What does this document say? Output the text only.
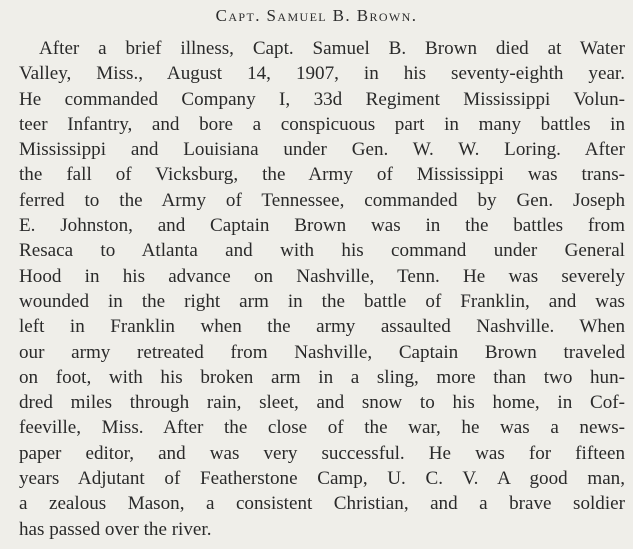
Capt. Samuel B. Brown.
After a brief illness, Capt. Samuel B. Brown died at Water
Valley, Miss., August 14, 1907, in his seventy-eighth year.
He commanded Company I, 33d Regiment Mississippi Volun-
teer Infantry, and bore a conspicuous part in many battles in
Mississippi and Louisiana under Gen. W. W. Loring. After
the fall of Vicksburg, the Army of Mississippi was trans-
ferred to the Army of Tennessee, commanded by Gen. Joseph
E. Johnston, and Captain Brown was in the battles from
Resaca to Atlanta and with his command under General
Hood in his advance on Nashville, Tenn. He was severely
wounded in the right arm in the battle of Franklin, and was
left in Franklin when the army assaulted Nashville. When
our army retreated from Nashville, Captain Brown traveled
on foot, with his broken arm in a sling, more than two hun-
dred miles through rain, sleet, and snow to his home, in Cof-
feeville, Miss. After the close of the war, he was a news-
paper editor, and was very successful. He was for fifteen
years Adjutant of Featherstone Camp, U. C. V. A good man,
a zealous Mason, a consistent Christian, and a brave soldier
has passed over the river.
